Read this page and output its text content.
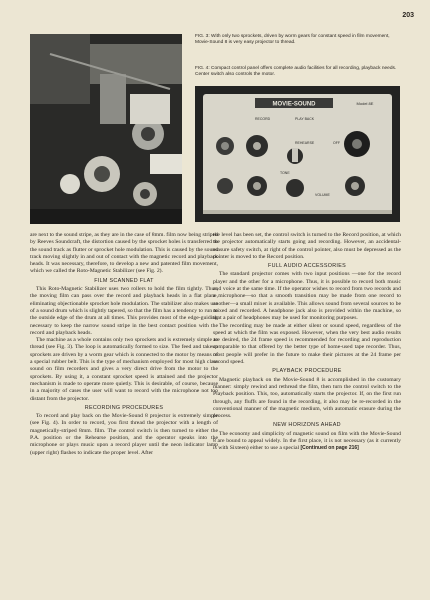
203
FIG. 3: With only two sprockets, driven by worm gears for constant speed in film movement, Movie-Sound 8 is very easy projector to thread.
FIG. 4: Compact control panel offers complete audio facilities for all recording, playback needs. Center switch also controls the motor.
MOVIE-SOUND	Model 8E
RECORD	PLAY BACK
REHEARSE
TONE
OFF
VOLUME

are next to the sound stripe, as they are in the case of 8mm. film now being striped by Reeves Soundcraft, the distortion caused by the sprocket holes is transferred to the sound track as flutter or sprocket hole modulation. This is caused by the sound track moving slightly in and out of contact with the magnetic record and playback heads. It was necessary, therefore, to develop a new and patented film movement, which we called the Roto-Magnetic Stabilizer (see Fig. 2).

FILM SCANNED FLAT

This Roto-Magnetic Stabilizer uses two rollers to hold the film tightly. Thus, the moving film can pass over the record and playback heads in a flat plane, eliminating objectionable sprocket hole modulation. The stabilizer also makes use of a sound drum which is slightly tapered, so that the film has a tendency to run to the outside edge of the drum at all times. This provides most of the edge-guiding necessary to keep the narrow sound stripe in the best contact position with the record and playback heads.

The machine as a whole contains only two sprockets and is extremely simple to thread (see Fig. 3). The loop is automatically formed to size. The feed and takeup sprockets are driven by a worm gear which is connected to the motor by means of a special rubber belt. This is the type of mechanism employed for most high class sound on film recorders and gives a very direct drive from the motor to the sprockets. By using it, a constant sprocket speed is attained and the projector mechanism is made to operate more quietly. This is desirable, of course, because in a majority of cases the user will want to record with the microphone not too distant from the projector.

RECORDING PROCEDURES

To record and play back on the Movie-Sound 8 projector is extremely simple (see Fig. 4). In order to record, you first thread the projector with a length of magnetically-striped 8mm. film. The control switch is then turned to either the P.A. position or the Rehearse position, and the operator speaks into the microphone or plays music upon a record player until the neon indicator lamp (upper right) flashes to indicate the proper level. After

the level has been set, the control switch is turned to the Record position, at which the projector automatically starts going and recording. However, an accidental-erasure safety switch, at right of the control pointer, also must be depressed as the pointer is moved to the Record position.

FULL AUDIO ACCESSORIES

The standard projector comes with two input positions —one for the record player and the other for a microphone. Thus, it is possible to record both music and voice at the same time. If the operator wishes to record from two records and a microphone—so that a smooth transition may be made from one record to another—a small mixer is available. This allows sound from several sources to be mixed and recorded. A headphone jack also is provided within the machine, so that a pair of headphones may be used for monitoring purposes.

The recording may be made at either silent or sound speed, regardless of the speed at which the film was exposed. However, when the very best audio results are desired, the 24 frame speed is recommended for recording and reproduction comparable to that offered by the better type of home-used tape recorder. Thus, most people will prefer in the future to make their pictures at the 24 frame per second speed.

PLAYBACK PROCEDURE

Magnetic playback on the Movie-Sound 8 is accomplished in the customary manner: simply rewind and rethread the film, then turn the control switch to the Playback position. This, too, automatically starts the projector. If, on the first run through, any fluffs are found in the recording, it also may be re-recorded in the conventional manner of the magnetic medium, with automatic erasure during the process.

NEW HORIZONS AHEAD

The economy and simplicity of magnetic sound on film with the Movie-Sound 8 are bound to appeal widely. In the first place, it is not necessary (as it currently is with Sixteen) either to use a special [Continued on page 216]
